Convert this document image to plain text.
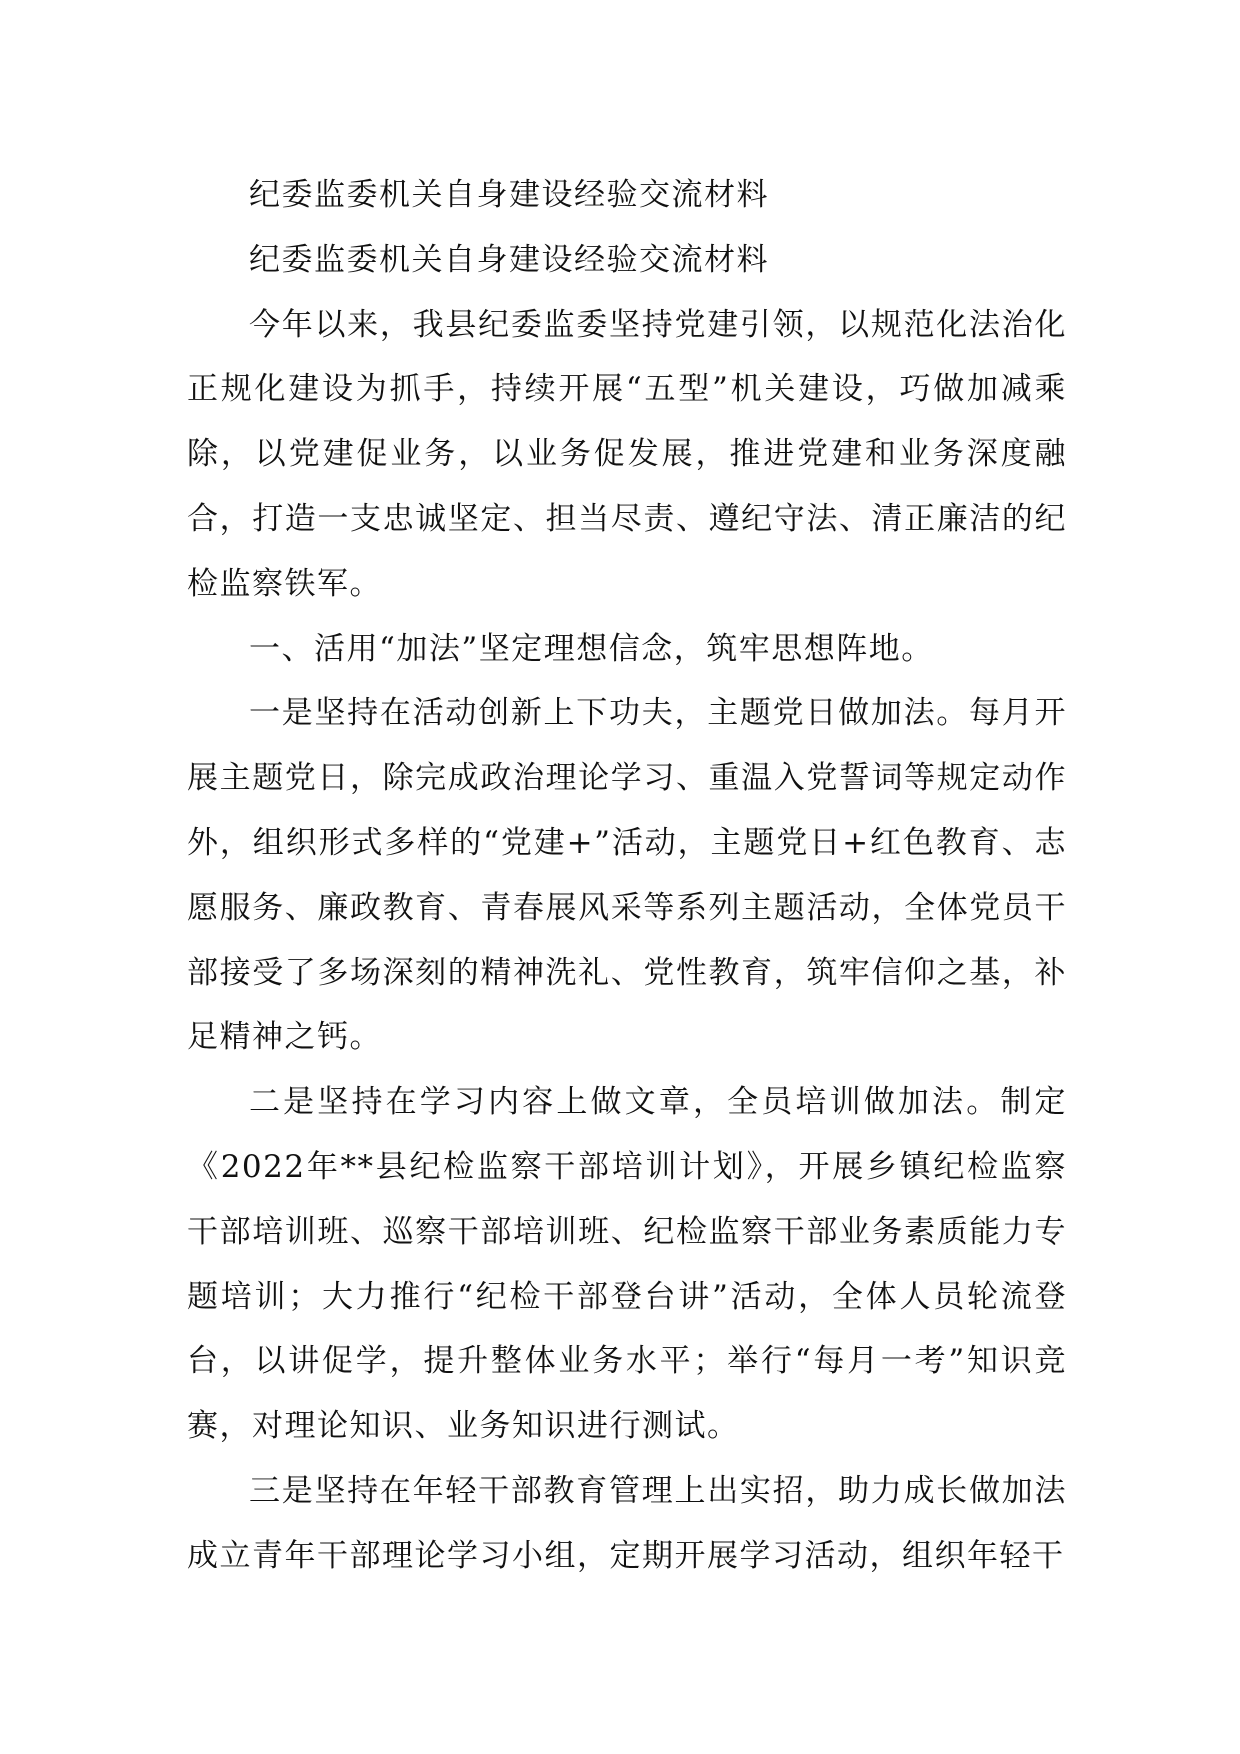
纪委监委机关自身建设经验交流材料

纪委监委机关自身建设经验交流材料

今年以来，我县纪委监委坚持党建引领，以规范化法治化正规化建设为抓手，持续开展“五型”机关建设，巧做加减乘除，以党建促业务，以业务促发展，推进党建和业务深度融合，打造一支忠诚坚定、担当尽责、遵纪守法、清正廉洁的纪检监察铁军。

一、活用“加法”坚定理想信念，筑牢思想阵地。

一是坚持在活动创新上下功夫，主题党日做加法。每月开展主题党日，除完成政治理论学习、重温入党誓词等规定动作外，组织形式多样的“党建+”活动，主题党日+红色教育、志愿服务、廉政教育、青春展风采等系列主题活动，全体党员干部接受了多场深刻的精神洗礼、党性教育，筑牢信仰之基，补足精神之钙。

二是坚持在学习内容上做文章，全员培训做加法。制定《2022年**县纪检监察干部培训计划》，开展乡镇纪检监察干部培训班、巡察干部培训班、纪检监察干部业务素质能力专题培训；大力推行“纪检干部登台讲”活动，全体人员轮流登台，以讲促学，提升整体业务水平；举行“每月一考”知识竞赛，对理论知识、业务知识进行测试。

三是坚持在年轻干部教育管理上出实招，助力成长做加法成立青年干部理论学习小组，定期开展学习活动，组织年轻干
